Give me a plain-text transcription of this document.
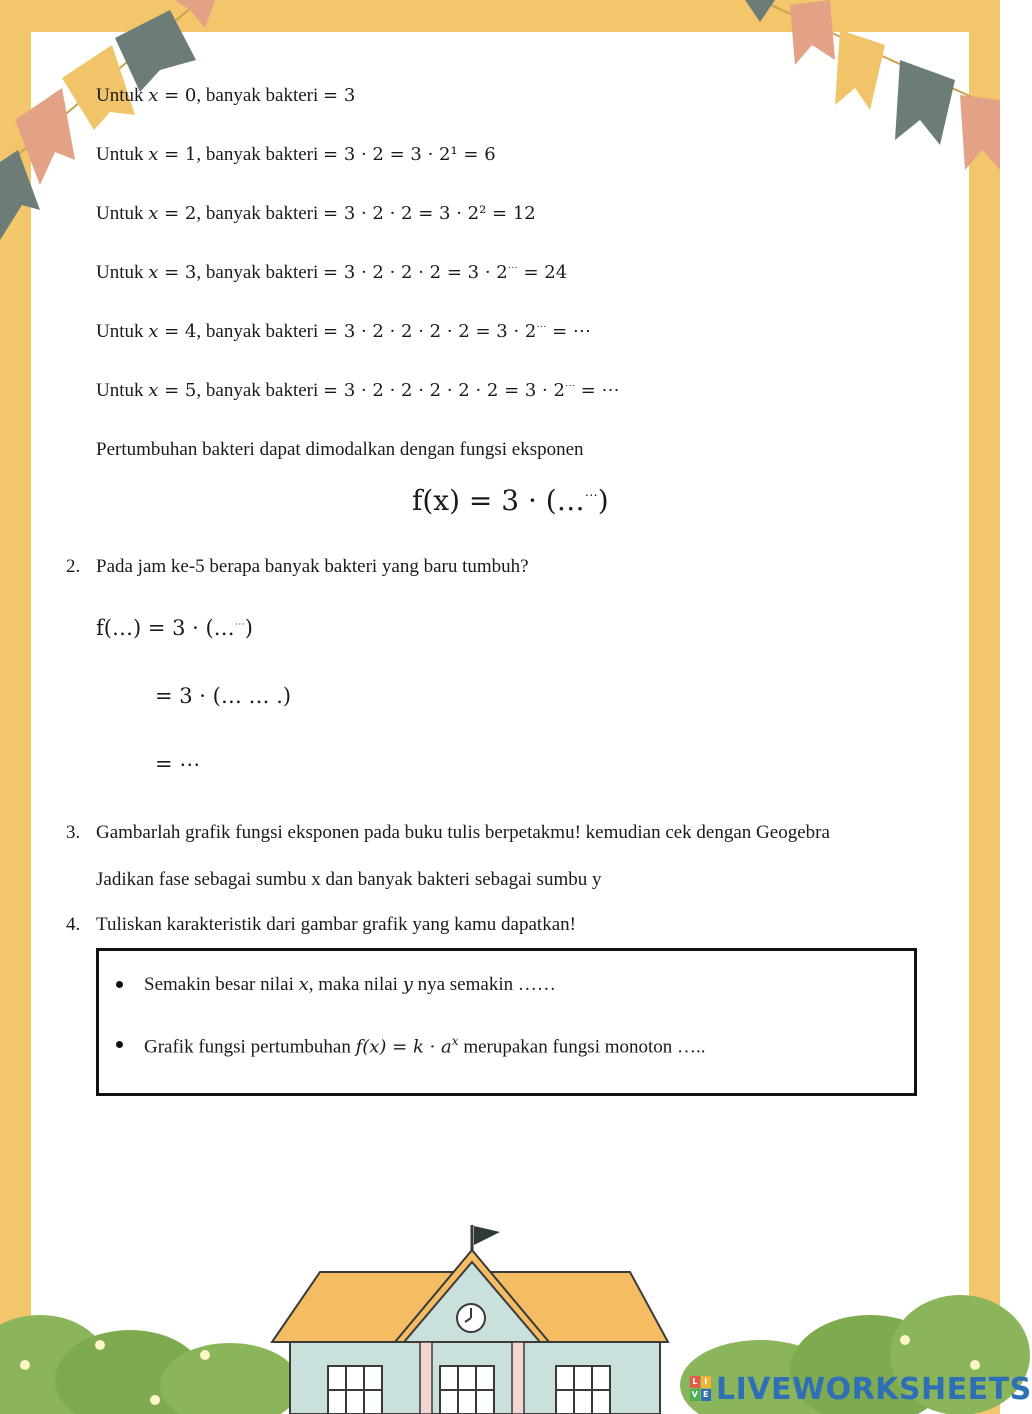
Untuk x = 0, banyak bakteri = 3
Untuk x = 1, banyak bakteri = 3 · 2 = 3 · 2¹ = 6
Untuk x = 2, banyak bakteri = 3 · 2 · 2 = 3 · 2² = 12
Untuk x = 3, banyak bakteri = 3 · 2 · 2 · 2 = 3 · 2⋯ = 24
Untuk x = 4, banyak bakteri = 3 · 2 · 2 · 2 · 2 = 3 · 2⋯ = ⋯
Untuk x = 5, banyak bakteri = 3 · 2 · 2 · 2 · 2 · 2 = 3 · 2⋯ = ⋯
Pertumbuhan bakteri dapat dimodalkan dengan fungsi eksponen
f(x) = 3 · (…⋯)
2. Pada jam ke-5 berapa banyak bakteri yang baru tumbuh?
f(…) = 3 · (…⋯)
= 3 · (… … .)
= ⋯
3. Gambarlah grafik fungsi eksponen pada buku tulis berpetakmu! kemudian cek dengan Geogebra
Jadikan fase sebagai sumbu x dan banyak bakteri sebagai sumbu y
4. Tuliskan karakteristik dari gambar grafik yang kamu dapatkan!
Semakin besar nilai x, maka nilai y nya semakin ……
Grafik fungsi pertumbuhan $f(x) = k \cdot a^x$ merupakan fungsi monoton …..
L I
V E LIVEWORKSHEETS
